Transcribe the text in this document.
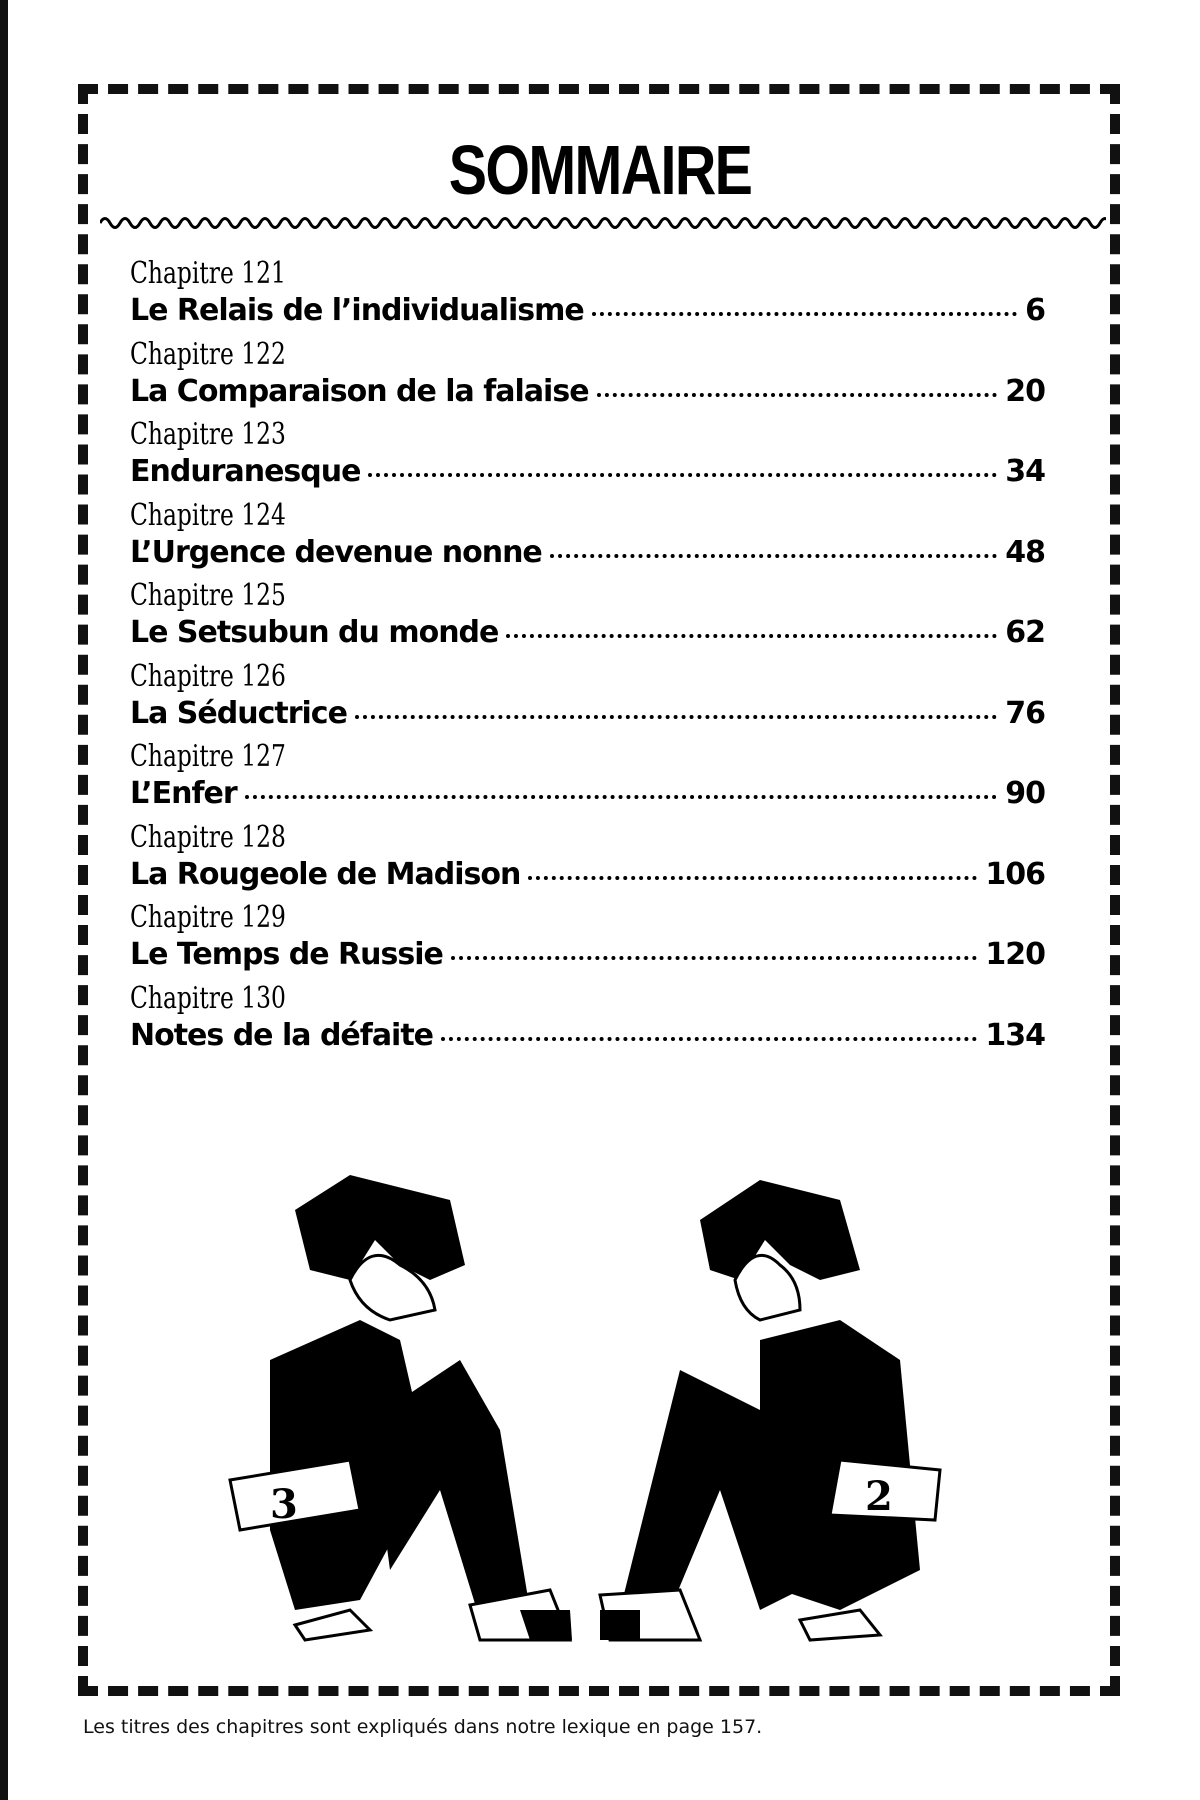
SOMMAIRE
Chapitre 121
Le Relais de l’individualisme	6
Chapitre 122
La Comparaison de la falaise	20
Chapitre 123
Enduranesque	34
Chapitre 124
L’Urgence devenue nonne	48
Chapitre 125
Le Setsubun du monde	62
Chapitre 126
La Séductrice	76
Chapitre 127
L’Enfer	90
Chapitre 128
La Rougeole de Madison	106
Chapitre 129
Le Temps de Russie	120
Chapitre 130
Notes de la défaite	134
3	2
Les titres des chapitres sont expliqués dans notre lexique en page 157.
